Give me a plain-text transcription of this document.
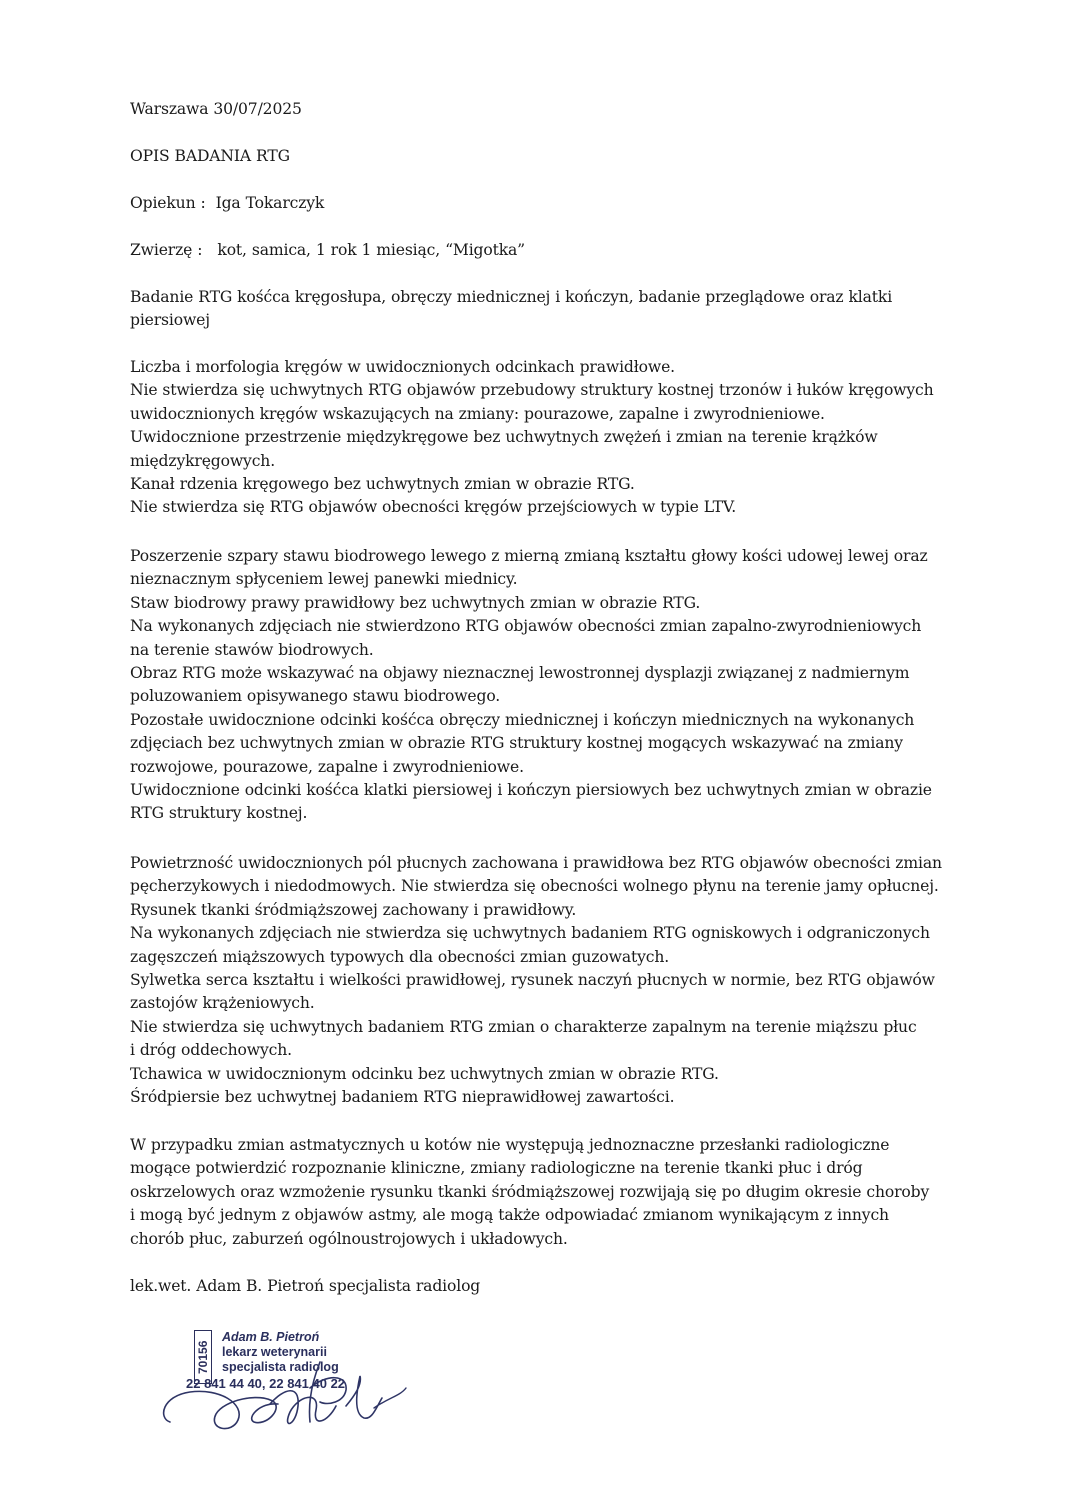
Warszawa 30/07/2025
OPIS BADANIA RTG
Opiekun : Iga Tokarczyk
Zwierzę : kot, samica, 1 rok 1 miesiąc, “Migotka”
Badanie RTG kośćca kręgosłupa, obręczy miednicznej i kończyn, badanie przeglądowe oraz klatki
piersiowej
Liczba i morfologia kręgów w uwidocznionych odcinkach prawidłowe.
Nie stwierdza się uchwytnych RTG objawów przebudowy struktury kostnej trzonów i łuków kręgowych
uwidocznionych kręgów wskazujących na zmiany: pourazowe, zapalne i zwyrodnieniowe.
Uwidocznione przestrzenie międzykręgowe bez uchwytnych zwężeń i zmian na terenie krążków
międzykręgowych.
Kanał rdzenia kręgowego bez uchwytnych zmian w obrazie RTG.
Nie stwierdza się RTG objawów obecności kręgów przejściowych w typie LTV.
Poszerzenie szpary stawu biodrowego lewego z mierną zmianą kształtu głowy kości udowej lewej oraz
nieznacznym spłyceniem lewej panewki miednicy.
Staw biodrowy prawy prawidłowy bez uchwytnych zmian w obrazie RTG.
Na wykonanych zdjęciach nie stwierdzono RTG objawów obecności zmian zapalno-zwyrodnieniowych
na terenie stawów biodrowych.
Obraz RTG może wskazywać na objawy nieznacznej lewostronnej dysplazji związanej z nadmiernym
poluzowaniem opisywanego stawu biodrowego.
Pozostałe uwidocznione odcinki kośćca obręczy miednicznej i kończyn miednicznych na wykonanych
zdjęciach bez uchwytnych zmian w obrazie RTG struktury kostnej mogących wskazywać na zmiany
rozwojowe, pourazowe, zapalne i zwyrodnieniowe.
Uwidocznione odcinki kośćca klatki piersiowej i kończyn piersiowych bez uchwytnych zmian w obrazie
RTG struktury kostnej.
Powietrzność uwidocznionych pól płucnych zachowana i prawidłowa bez RTG objawów obecności zmian
pęcherzykowych i niedodmowych. Nie stwierdza się obecności wolnego płynu na terenie jamy opłucnej.
Rysunek tkanki śródmiąższowej zachowany i prawidłowy.
Na wykonanych zdjęciach nie stwierdza się uchwytnych badaniem RTG ogniskowych i odgraniczonych
zagęszczeń miąższowych typowych dla obecności zmian guzowatych.
Sylwetka serca kształtu i wielkości prawidłowej, rysunek naczyń płucnych w normie, bez RTG objawów
zastojów krążeniowych.
Nie stwierdza się uchwytnych badaniem RTG zmian o charakterze zapalnym na terenie miąższu płuc
i dróg oddechowych.
Tchawica w uwidocznionym odcinku bez uchwytnych zmian w obrazie RTG.
Śródpiersie bez uchwytnej badaniem RTG nieprawidłowej zawartości.
W przypadku zmian astmatycznych u kotów nie występują jednoznaczne przesłanki radiologiczne
mogące potwierdzić rozpoznanie kliniczne, zmiany radiologiczne na terenie tkanki płuc i dróg
oskrzelowych oraz wzmożenie rysunku tkanki śródmiąższowej rozwijają się po długim okresie choroby
i mogą być jednym z objawów astmy, ale mogą także odpowiadać zmianom wynikającym z innych
chorób płuc, zaburzeń ogólnoustrojowych i układowych.
lek.wet. Adam B. Pietroń specjalista radiolog
70156
Adam B. Pietroń
lekarz weterynarii
specjalista radiolog
22 841 44 40, 22 841 40 22
